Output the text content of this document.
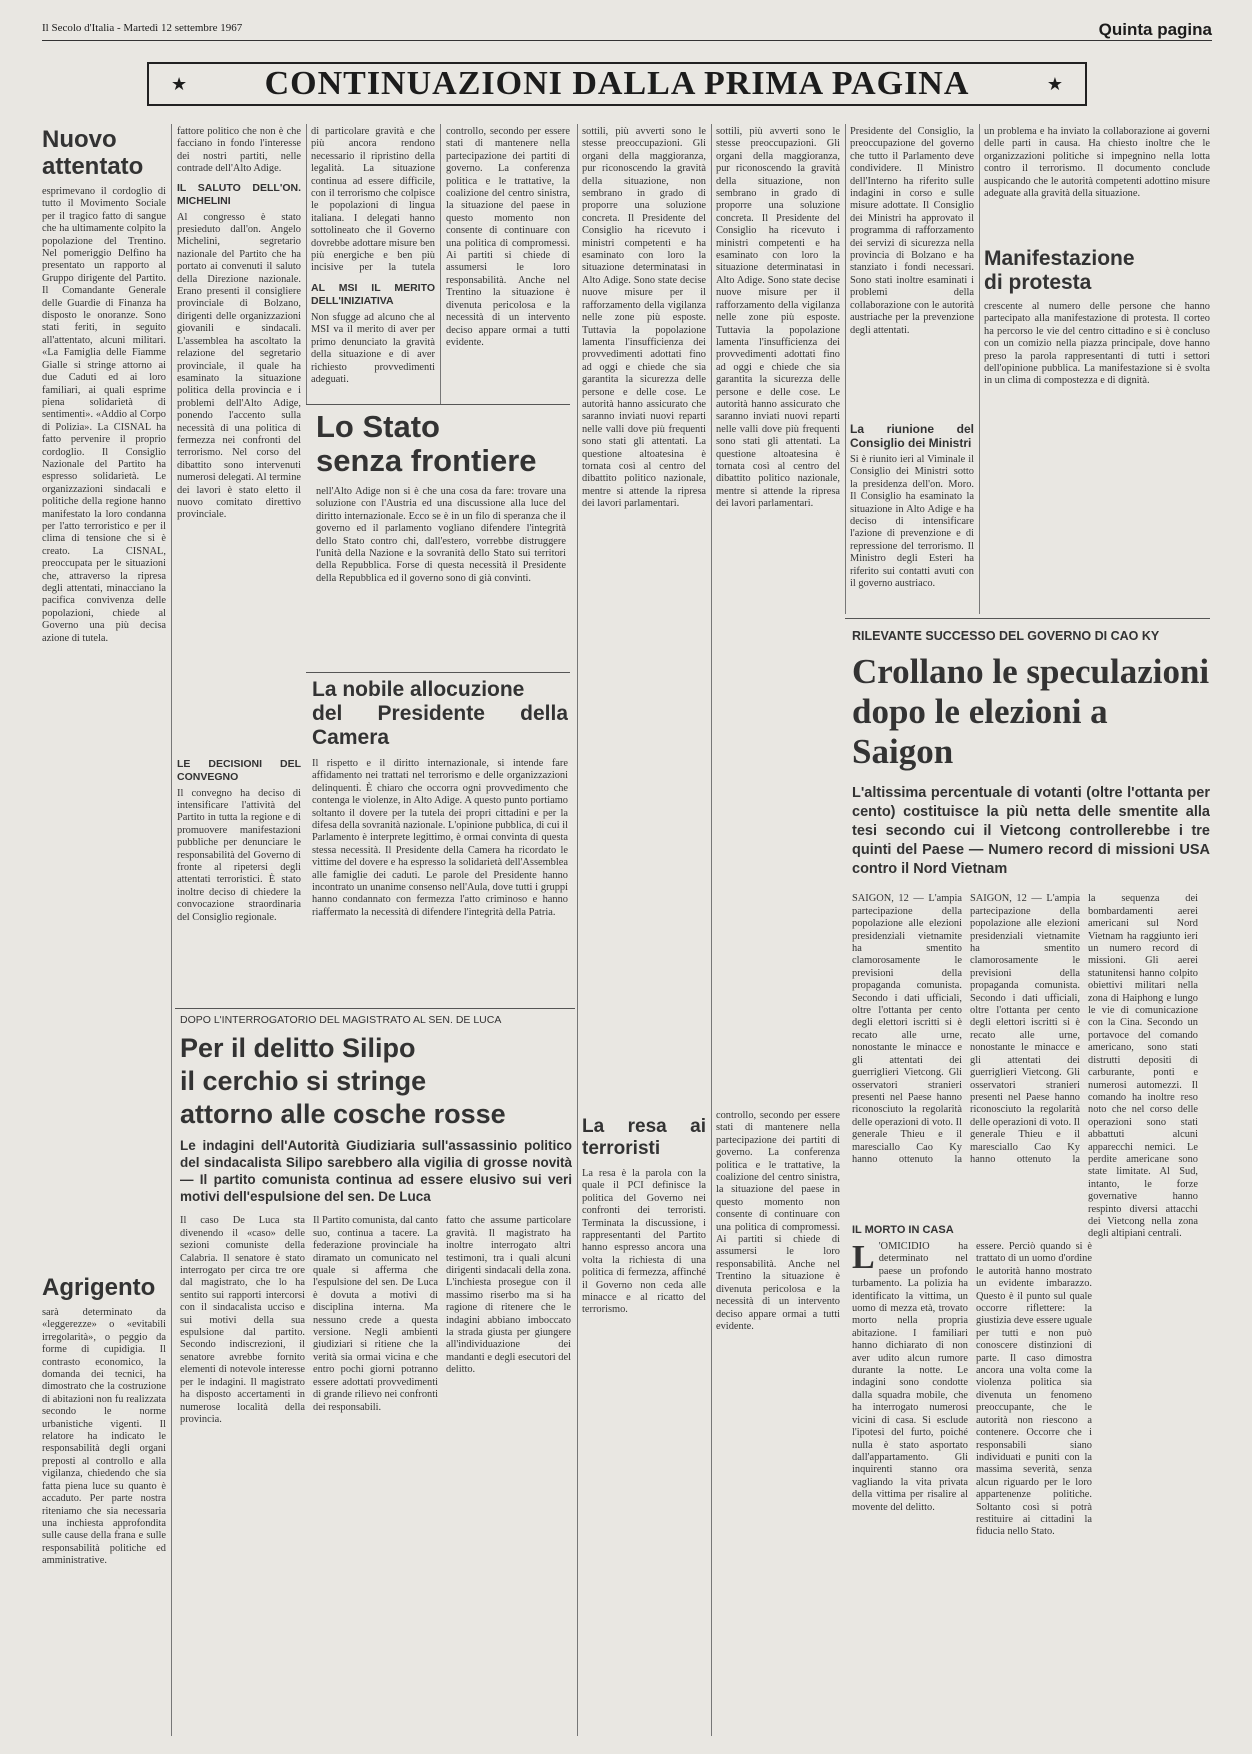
Il Secolo d'Italia - Martedì 12 settembre 1967	Quinta pagina
★ CONTINUAZIONI DALLA PRIMA PAGINA	★
Nuovo attentato
esprimevano il cordoglio di tutto il Movimento Sociale per il tragico fatto di sangue che ha ultimamente colpito la popolazione del Trentino. Nel pomeriggio Delfino ha presentato un rapporto al Gruppo dirigente del Partito. Il Comandante Generale delle Guardie di Finanza ha disposto le onoranze. Sono stati feriti, in seguito all'attentato, alcuni militari. «La Famiglia delle Fiamme Gialle si stringe attorno ai due Caduti ed ai loro familiari, ai quali esprime piena solidarietà di sentimenti». «Addio al Corpo di Polizia». La CISNAL ha fatto pervenire il proprio cordoglio. Il Consiglio Nazionale del Partito ha espresso solidarietà. Le organizzazioni sindacali e politiche della regione hanno manifestato la loro condanna per l'atto terroristico e per il clima di tensione che si è creato. La CISNAL, preoccupata per le situazioni che, attraverso la ripresa degli attentati, minacciano la pacifica convivenza delle popolazioni, chiede al Governo una più decisa azione di tutela.
Agrigento
sarà determinato da «leggerezze» o «evitabili irregolarità», o peggio da forme di cupidigia. Il contrasto economico, la domanda dei tecnici, ha dimostrato che la costruzione di abitazioni non fu realizzata secondo le norme urbanistiche vigenti. Il relatore ha indicato le responsabilità degli organi preposti al controllo e alla vigilanza, chiedendo che sia fatta piena luce su quanto è accaduto. Per parte nostra riteniamo che sia necessaria una inchiesta approfondita sulle cause della frana e sulle responsabilità politiche ed amministrative.
fattore politico che non è che facciano in fondo l'interesse dei nostri partiti, nelle contrade dell'Alto Adige.
IL SALUTO DELL'ON. MICHELINI
Al congresso è stato presieduto dall'on. Angelo Michelini, segretario nazionale del Partito che ha portato ai convenuti il saluto della Direzione nazionale. Erano presenti il consigliere provinciale di Bolzano, dirigenti delle organizzazioni giovanili e sindacali. L'assemblea ha ascoltato la relazione del segretario provinciale, il quale ha esaminato la situazione politica della provincia e i problemi dell'Alto Adige, ponendo l'accento sulla necessità di una politica di fermezza nei confronti del terrorismo. Nel corso del dibattito sono intervenuti numerosi delegati. Al termine dei lavori è stato eletto il nuovo comitato direttivo provinciale.
LE DECISIONI DEL CONVEGNO
Il convegno ha deciso di intensificare l'attività del Partito in tutta la regione e di promuovere manifestazioni pubbliche per denunciare le responsabilità del Governo di fronte al ripetersi degli attentati terroristici. È stato inoltre deciso di chiedere la convocazione straordinaria del Consiglio regionale.
di particolare gravità e che più ancora rendono necessario il ripristino della legalità. La situazione continua ad essere difficile, con il terrorismo che colpisce le popolazioni di lingua italiana. I delegati hanno sottolineato che il Governo dovrebbe adottare misure ben più energiche e ben più incisive per la tutela
AL MSI IL MERITO DELL'INIZIATIVA
Non sfugge ad alcuno che al MSI va il merito di aver per primo denunciato la gravità della situazione e di aver richiesto provvedimenti adeguati.
controllo, secondo per essere stati di mantenere nella partecipazione dei partiti di governo. La conferenza politica e le trattative, la coalizione del centro sinistra, la situazione del paese in questo momento non consente di continuare con una politica di compromessi. Ai partiti si chiede di assumersi le loro responsabilità. Anche nel Trentino la situazione è divenuta pericolosa e la necessità di un intervento deciso appare ormai a tutti evidente.
Lo Stato
senza frontiere
nell'Alto Adige non si è che una cosa da fare: trovare una soluzione con l'Austria ed una discussione alla luce del diritto internazionale. Ecco se è in un filo di speranza che il governo ed il parlamento vogliano difendere l'integrità dello Stato contro chi, dall'estero, vorrebbe distruggere l'unità della Nazione e la sovranità dello Stato sui territori della Repubblica. Forse di questa necessità il Presidente della Repubblica ed il governo sono di già convinti.
La nobile allocuzione
del Presidente della Camera
Il rispetto e il diritto internazionale, si intende fare affidamento nei trattati nel terrorismo e delle organizzazioni delinquenti. È chiaro che occorra ogni provvedimento che contenga le violenze, in Alto Adige. A questo punto portiamo soltanto il dovere per la tutela dei propri cittadini e per la difesa della sovranità nazionale. L'opinione pubblica, di cui il Parlamento è interprete legittimo, è ormai convinta di questa stessa necessità. Il Presidente della Camera ha ricordato le vittime del dovere e ha espresso la solidarietà dell'Assemblea alle famiglie dei caduti. Le parole del Presidente hanno incontrato un unanime consenso nell'Aula, dove tutti i gruppi hanno condannato con fermezza l'atto criminoso e hanno riaffermato la necessità di difendere l'integrità della Patria.
DOPO L'INTERROGATORIO DEL MAGISTRATO AL SEN. DE LUCA
Per il delitto Silipo
il cerchio si stringe
attorno alle cosche rosse
Le indagini dell'Autorità Giudiziaria sull'assassinio politico del sindacalista Silipo sarebbero alla vigilia di grosse novità — Il partito comunista continua ad essere elusivo sui veri motivi dell'espulsione del sen. De Luca
Il caso De Luca sta divenendo il «caso» delle sezioni comuniste della Calabria. Il senatore è stato interrogato per circa tre ore dal magistrato, che lo ha sentito sui rapporti intercorsi con il sindacalista ucciso e sui motivi della sua espulsione dal partito. Secondo indiscrezioni, il senatore avrebbe fornito elementi di notevole interesse per le indagini. Il magistrato ha disposto accertamenti in numerose località della provincia.
Il Partito comunista, dal canto suo, continua a tacere. La federazione provinciale ha diramato un comunicato nel quale si afferma che l'espulsione del sen. De Luca è dovuta a motivi di disciplina interna. Ma nessuno crede a questa versione. Negli ambienti giudiziari si ritiene che la verità sia ormai vicina e che entro pochi giorni potranno essere adottati provvedimenti di grande rilievo nei confronti dei responsabili.
fatto che assume particolare gravità. Il magistrato ha inoltre interrogato altri testimoni, tra i quali alcuni dirigenti sindacali della zona. L'inchiesta prosegue con il massimo riserbo ma si ha ragione di ritenere che le indagini abbiano imboccato la strada giusta per giungere all'individuazione dei mandanti e degli esecutori del delitto.
La resa ai terroristi
La resa è la parola con la quale il PCI definisce la politica del Governo nei confronti dei terroristi. Terminata la discussione, i rappresentanti del Partito hanno espresso ancora una volta la richiesta di una politica di fermezza, affinché il Governo non ceda alle minacce e al ricatto del terrorismo.
sottili, più avverti sono le stesse preoccupazioni. Gli organi della maggioranza, pur riconoscendo la gravità della situazione, non sembrano in grado di proporre una soluzione concreta. Il Presidente del Consiglio ha ricevuto i ministri competenti e ha esaminato con loro la situazione determinatasi in Alto Adige. Sono state decise nuove misure per il rafforzamento della vigilanza nelle zone più esposte. Tuttavia la popolazione lamenta l'insufficienza dei provvedimenti adottati fino ad oggi e chiede che sia garantita la sicurezza delle persone e delle cose. Le autorità hanno assicurato che saranno inviati nuovi reparti nelle valli dove più frequenti sono stati gli attentati. La questione altoatesina è tornata così al centro del dibattito politico nazionale, mentre si attende la ripresa dei lavori parlamentari.
sottili, più avverti sono le stesse preoccupazioni. Gli organi della maggioranza, pur riconoscendo la gravità della situazione, non sembrano in grado di proporre una soluzione concreta. Il Presidente del Consiglio ha ricevuto i ministri competenti e ha esaminato con loro la situazione determinatasi in Alto Adige. Sono state decise nuove misure per il rafforzamento della vigilanza nelle zone più esposte. Tuttavia la popolazione lamenta l'insufficienza dei provvedimenti adottati fino ad oggi e chiede che sia garantita la sicurezza delle persone e delle cose. Le autorità hanno assicurato che saranno inviati nuovi reparti nelle valli dove più frequenti sono stati gli attentati. La questione altoatesina è tornata così al centro del dibattito politico nazionale, mentre si attende la ripresa dei lavori parlamentari.
controllo, secondo per essere stati di mantenere nella partecipazione dei partiti di governo. La conferenza politica e le trattative, la coalizione del centro sinistra, la situazione del paese in questo momento non consente di continuare con una politica di compromessi. Ai partiti si chiede di assumersi le loro responsabilità. Anche nel Trentino la situazione è divenuta pericolosa e la necessità di un intervento deciso appare ormai a tutti evidente.
Presidente del Consiglio, la preoccupazione del governo che tutto il Parlamento deve condividere. Il Ministro dell'Interno ha riferito sulle indagini in corso e sulle misure adottate. Il Consiglio dei Ministri ha approvato il programma di rafforzamento dei servizi di sicurezza nella provincia di Bolzano e ha stanziato i fondi necessari. Sono stati inoltre esaminati i problemi della collaborazione con le autorità austriache per la prevenzione degli attentati.
La riunione del Consiglio dei Ministri
Si è riunito ieri al Viminale il Consiglio dei Ministri sotto la presidenza dell'on. Moro. Il Consiglio ha esaminato la situazione in Alto Adige e ha deciso di intensificare l'azione di prevenzione e di repressione del terrorismo. Il Ministro degli Esteri ha riferito sui contatti avuti con il governo austriaco.
un problema e ha inviato la collaborazione ai governi delle parti in causa. Ha chiesto inoltre che le organizzazioni politiche si impegnino nella lotta contro il terrorismo. Il documento conclude auspicando che le autorità competenti adottino misure adeguate alla gravità della situazione.
Manifestazione di protesta
crescente al numero delle persone che hanno partecipato alla manifestazione di protesta. Il corteo ha percorso le vie del centro cittadino e si è concluso con un comizio nella piazza principale, dove hanno preso la parola rappresentanti di tutti i settori dell'opinione pubblica. La manifestazione si è svolta in un clima di compostezza e di dignità.
RILEVANTE SUCCESSO DEL GOVERNO DI CAO KY
Crollano le speculazioni
dopo le elezioni a Saigon
L'altissima percentuale di votanti (oltre l'ottanta per cento) costituisce la più netta delle smentite alla tesi secondo cui il Vietcong controllerebbe i tre quinti del Paese — Numero record di missioni USA contro il Nord Vietnam
SAIGON, 12 — L'ampia partecipazione della popolazione alle elezioni presidenziali vietnamite ha smentito clamorosamente le previsioni della propaganda comunista. Secondo i dati ufficiali, oltre l'ottanta per cento degli elettori iscritti si è recato alle urne, nonostante le minacce e gli attentati dei guerriglieri Vietcong. Gli osservatori stranieri presenti nel Paese hanno riconosciuto la regolarità delle operazioni di voto. Il generale Thieu e il maresciallo Cao Ky hanno ottenuto la
SAIGON, 12 — L'ampia partecipazione della popolazione alle elezioni presidenziali vietnamite ha smentito clamorosamente le previsioni della propaganda comunista. Secondo i dati ufficiali, oltre l'ottanta per cento degli elettori iscritti si è recato alle urne, nonostante le minacce e gli attentati dei guerriglieri Vietcong. Gli osservatori stranieri presenti nel Paese hanno riconosciuto la regolarità delle operazioni di voto. Il generale Thieu e il maresciallo Cao Ky hanno ottenuto la
la sequenza dei bombardamenti aerei americani sul Nord Vietnam ha raggiunto ieri un numero record di missioni. Gli aerei statunitensi hanno colpito obiettivi militari nella zona di Haiphong e lungo le vie di comunicazione con la Cina. Secondo un portavoce del comando americano, sono stati distrutti depositi di carburante, ponti e numerosi automezzi. Il comando ha inoltre reso noto che nel corso delle operazioni sono stati abbattuti alcuni apparecchi nemici. Le perdite americane sono state limitate. Al Sud, intanto, le forze governative hanno respinto diversi attacchi dei Vietcong nella zona degli altipiani centrali.
IL MORTO IN CASA
L 'OMICIDIO ha determinato nel paese un profondo turbamento. La polizia ha identificato la vittima, un uomo di mezza età, trovato morto nella propria abitazione. I familiari hanno dichiarato di non aver udito alcun rumore durante la notte. Le indagini sono condotte dalla squadra mobile, che ha interrogato numerosi vicini di casa. Si esclude l'ipotesi del furto, poiché nulla è stato asportato dall'appartamento. Gli inquirenti stanno ora vagliando la vita privata della vittima per risalire al movente del delitto.
essere. Perciò quando si è trattato di un uomo d'ordine le autorità hanno mostrato un evidente imbarazzo. Questo è il punto sul quale occorre riflettere: la giustizia deve essere uguale per tutti e non può conoscere distinzioni di parte. Il caso dimostra ancora una volta come la violenza politica sia divenuta un fenomeno preoccupante, che le autorità non riescono a contenere. Occorre che i responsabili siano individuati e puniti con la massima severità, senza alcun riguardo per le loro appartenenze politiche. Soltanto così si potrà restituire ai cittadini la fiducia nello Stato.
